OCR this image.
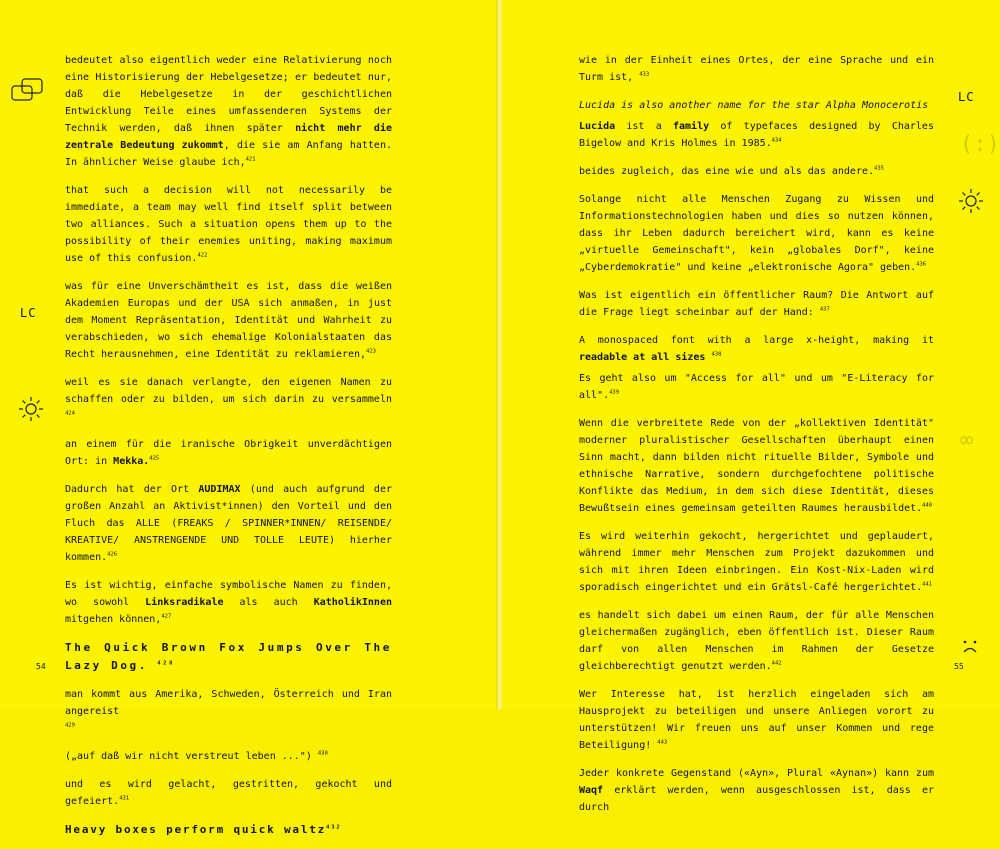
LC

bedeutet also eigentlich weder eine Relativierung noch eine Historisierung der Hebelgesetze; er bedeutet nur, daß die Hebelgesetze in der geschichtlichen Entwicklung Teile eines umfassenderen Systems der Technik werden, daß ihnen später nicht mehr die zentrale Bedeutung zukommt, die sie am Anfang hatten. In ähnlicher Weise glaube ich,$^{421}$

that such a decision will not necessarily be immediate, a team may well find itself split between two alliances. Such a situation opens them up to the possibility of their enemies uniting, making maximum use of this confusion.$^{422}$

was für eine Unverschämtheit es ist, dass die weißen Akademien Europas und der USA sich anmaßen, in just dem Moment Repräsentation, Identität und Wahrheit zu verabschieden, wo sich ehemalige Kolonialstaaten das Recht herausnehmen, eine Identität zu reklamieren,$^{423}$

weil es sie danach verlangte, den eigenen Namen zu schaffen oder zu bilden, um sich darin zu versammeln $^{424}$

an einem für die iranische Obrigkeit unverdächtigen Ort: in Mekka.$^{425}$

Dadurch hat der Ort AUDIMAX (und auch aufgrund der großen Anzahl an Aktivist*innen) den Vorteil und den Fluch das ALLE (FREAKS / SPINNER*INNEN/ REISENDE/ KREATIVE/ ANSTRENGENDE UND TOLLE LEUTE) hierher kommen.$^{426}$

Es ist wichtig, einfache symbolische Namen zu finden, wo sowohl Linksradikale als auch KatholikInnen mitgehen können,$^{427}$

The Quick Brown Fox Jumps Over The Lazy Dog. $^{428}$

man kommt aus Amerika, Schweden, Österreich und Iran angereist
$^{429}$

(„auf daß wir nicht verstreut leben ...") $^{430}$

und es wird gelacht, gestritten, gekocht und gefeiert.$^{431}$

Heavy boxes perform quick waltz$^{432}$

54
LC
(:)
∞

wie in der Einheit eines Ortes, der eine Sprache und ein Turm ist, $^{433}$

Lucida is also another name for the star Alpha Monocerotis

Lucida ist a family of typefaces designed by Charles Bigelow and Kris Holmes in 1985.$^{434}$

beides zugleich, das eine wie und als das andere.$^{435}$

Solange nicht alle Menschen Zugang zu Wissen und Informationstechnologien haben und dies so nutzen können, dass ihr Leben dadurch bereichert wird, kann es keine „virtuelle Gemeinschaft", kein „globales Dorf", keine „Cyberdemokratie" und keine „elektronische Agora" geben.$^{436}$

Was ist eigentlich ein öffentlicher Raum? Die Antwort auf die Frage liegt scheinbar auf der Hand: $^{437}$

A monospaced font with a large x-height, making it readable at all sizes $^{438}$

Es geht also um "Access for all" und um "E-Literacy for all".$^{439}$

Wenn die verbreitete Rede von der „kollektiven Identität" moderner pluralistischer Gesellschaften überhaupt einen Sinn macht, dann bilden nicht rituelle Bilder, Symbole und ethnische Narrative, sondern durchgefochtene politische Konflikte das Medium, in dem sich diese Identität, dieses Bewußtsein eines gemeinsam geteilten Raumes herausbildet.$^{440}$

Es wird weiterhin gekocht, hergerichtet und geplaudert, während immer mehr Menschen zum Projekt dazukommen und sich mit ihren Ideen einbringen. Ein Kost-Nix-Laden wird sporadisch eingerichtet und ein Grätsl-Café hergerichtet.$^{441}$

es handelt sich dabei um einen Raum, der für alle Menschen gleichermaßen zugänglich, eben öffentlich ist. Dieser Raum darf von allen Menschen im Rahmen der Gesetze gleichberechtigt genutzt werden.$^{442}$

Wer Interesse hat, ist herzlich eingeladen sich am Hausprojekt zu beteiligen und unsere Anliegen vorort zu unterstützen! Wir freuen uns auf unser Kommen und rege Beteiligung! $^{443}$

Jeder konkrete Gegenstand («Ayn», Plural «Aynan») kann zum Waqf erklärt werden, wenn ausgeschlossen ist, dass er durch

55
